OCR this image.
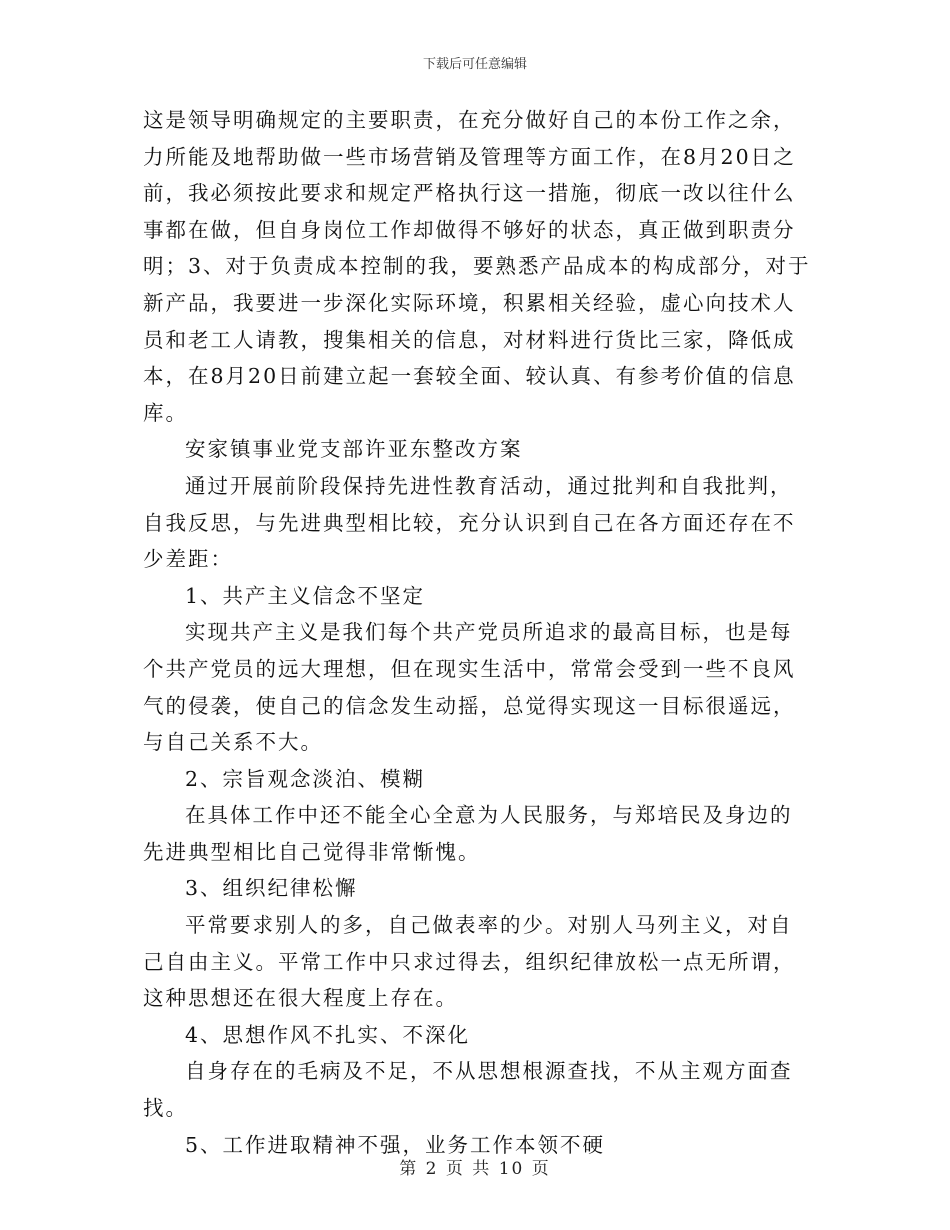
下载后可任意编辑

这是领导明确规定的主要职责，在充分做好自己的本份工作之余，力所能及地帮助做一些市场营销及管理等方面工作，在8月20日之前，我必须按此要求和规定严格执行这一措施，彻底一改以往什么事都在做，但自身岗位工作却做得不够好的状态，真正做到职责分明；3、对于负责成本控制的我，要熟悉产品成本的构成部分，对于新产品，我要进一步深化实际环境，积累相关经验，虚心向技术人员和老工人请教，搜集相关的信息，对材料进行货比三家，降低成本，在8月20日前建立起一套较全面、较认真、有参考价值的信息库。

安家镇事业党支部许亚东整改方案

通过开展前阶段保持先进性教育活动，通过批判和自我批判，自我反思，与先进典型相比较，充分认识到自己在各方面还存在不少差距：

1、共产主义信念不坚定

实现共产主义是我们每个共产党员所追求的最高目标，也是每个共产党员的远大理想，但在现实生活中，常常会受到一些不良风气的侵袭，使自己的信念发生动摇，总觉得实现这一目标很遥远，与自己关系不大。

2、宗旨观念淡泊、模糊

在具体工作中还不能全心全意为人民服务，与郑培民及身边的先进典型相比自己觉得非常惭愧。

3、组织纪律松懈

平常要求别人的多，自己做表率的少。对别人马列主义，对自己自由主义。平常工作中只求过得去，组织纪律放松一点无所谓，这种思想还在很大程度上存在。

4、思想作风不扎实、不深化

自身存在的毛病及不足，不从思想根源查找，不从主观方面查找。

5、工作进取精神不强，业务工作本领不硬

第 2 页 共 10 页
